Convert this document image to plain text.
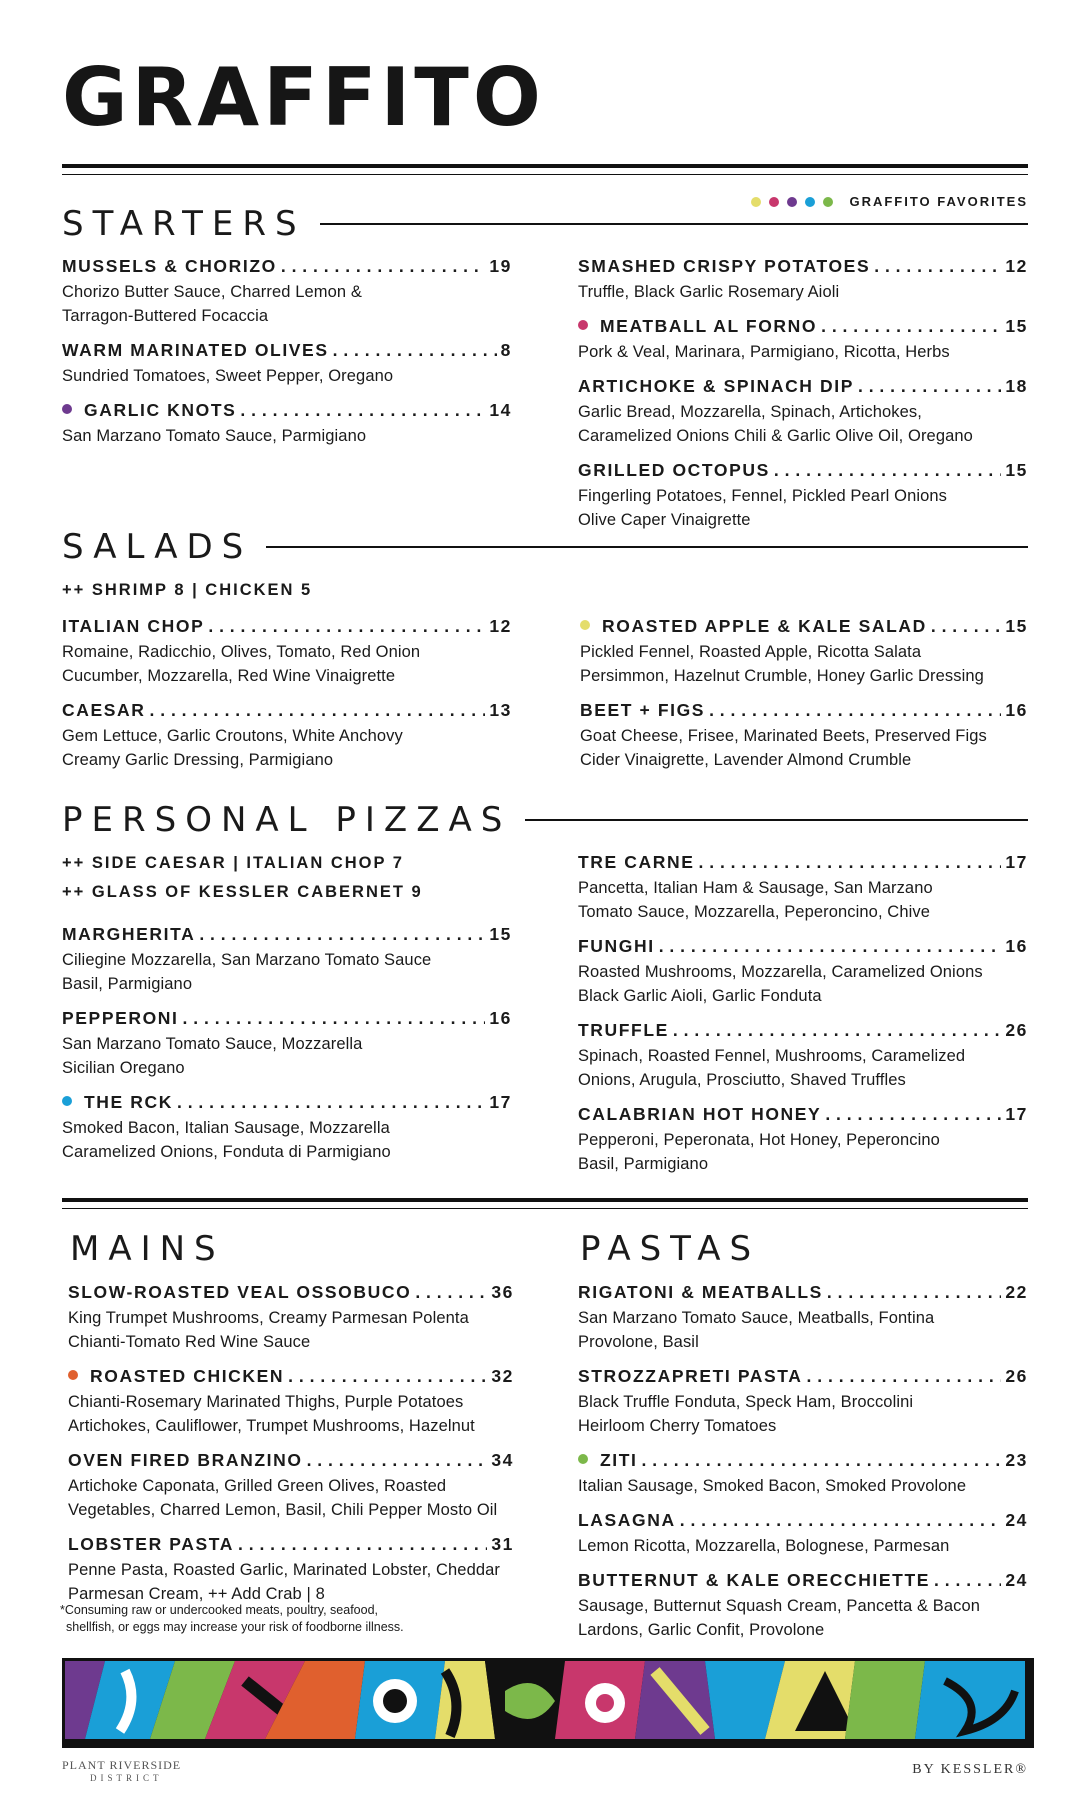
GRAFFITO
GRAFFITO FAVORITES
STARTERS
MUSSELS & CHORIZO . . .	19
Chorizo Butter Sauce, Charred Lemon &
Tarragon-Buttered Focaccia
WARM MARINATED OLIVES . . .	8
Sundried Tomatoes, Sweet Pepper, Oregano
GARLIC KNOTS . . .	14
San Marzano Tomato Sauce, Parmigiano
SMASHED CRISPY POTATOES . . .	12
Truffle, Black Garlic Rosemary Aioli
MEATBALL AL FORNO . . .	15
Pork & Veal, Marinara, Parmigiano, Ricotta, Herbs
ARTICHOKE & SPINACH DIP . . .	18
Garlic Bread, Mozzarella, Spinach, Artichokes,
Caramelized Onions Chili & Garlic Olive Oil, Oregano
GRILLED OCTOPUS . . .	15
Fingerling Potatoes, Fennel, Pickled Pearl Onions
Olive Caper Vinaigrette
SALADS
++ SHRIMP 8 | CHICKEN 5
ITALIAN CHOP . . .	12
Romaine, Radicchio, Olives, Tomato, Red Onion
Cucumber, Mozzarella, Red Wine Vinaigrette
CAESAR . . .	13
Gem Lettuce, Garlic Croutons, White Anchovy
Creamy Garlic Dressing, Parmigiano
ROASTED APPLE & KALE SALAD . . .	15
Pickled Fennel, Roasted Apple, Ricotta Salata
Persimmon, Hazelnut Crumble, Honey Garlic Dressing
BEET + FIGS . . .	16
Goat Cheese, Frisee, Marinated Beets, Preserved Figs
Cider Vinaigrette, Lavender Almond Crumble
PERSONAL PIZZAS
++ SIDE CAESAR | ITALIAN CHOP 7
++ GLASS OF KESSLER CABERNET 9
MARGHERITA . . .	15
Ciliegine Mozzarella, San Marzano Tomato Sauce
Basil, Parmigiano
PEPPERONI . . .	16
San Marzano Tomato Sauce, Mozzarella
Sicilian Oregano
THE RCK . . .	17
Smoked Bacon, Italian Sausage, Mozzarella
Caramelized Onions, Fonduta di Parmigiano
TRE CARNE . . .	17
Pancetta, Italian Ham & Sausage, San Marzano
Tomato Sauce, Mozzarella, Peperoncino, Chive
FUNGHI . . .	16
Roasted Mushrooms, Mozzarella, Caramelized Onions
Black Garlic Aioli, Garlic Fonduta
TRUFFLE . . .	26
Spinach, Roasted Fennel, Mushrooms, Caramelized
Onions, Arugula, Prosciutto, Shaved Truffles
CALABRIAN HOT HONEY . . .	17
Pepperoni, Peperonata, Hot Honey, Peperoncino
Basil, Parmigiano
MAINS
SLOW-ROASTED VEAL OSSOBUCO . . .	36
King Trumpet Mushrooms, Creamy Parmesan Polenta
Chianti-Tomato Red Wine Sauce
ROASTED CHICKEN . . .	32
Chianti-Rosemary Marinated Thighs, Purple Potatoes
Artichokes, Cauliflower, Trumpet Mushrooms, Hazelnut
OVEN FIRED BRANZINO . . .	34
Artichoke Caponata, Grilled Green Olives, Roasted
Vegetables, Charred Lemon, Basil, Chili Pepper Mosto Oil
LOBSTER PASTA . . .	31
Penne Pasta, Roasted Garlic, Marinated Lobster, Cheddar
Parmesan Cream, ++ Add Crab | 8
*Consuming raw or undercooked meats, poultry, seafood,
shellfish, or eggs may increase your risk of foodborne illness.
PASTAS
RIGATONI & MEATBALLS . . .	22
San Marzano Tomato Sauce, Meatballs, Fontina
Provolone, Basil
STROZZAPRETI PASTA . . .	26
Black Truffle Fonduta, Speck Ham, Broccolini
Heirloom Cherry Tomatoes
ZITI . . .	23
Italian Sausage, Smoked Bacon, Smoked Provolone
LASAGNA . . .	24
Lemon Ricotta, Mozzarella, Bolognese, Parmesan
BUTTERNUT & KALE ORECCHIETTE . . .	24
Sausage, Butternut Squash Cream, Pancetta & Bacon
Lardons, Garlic Confit, Provolone
PLANT RIVERSIDE
DISTRICT
BY KESSLER®
